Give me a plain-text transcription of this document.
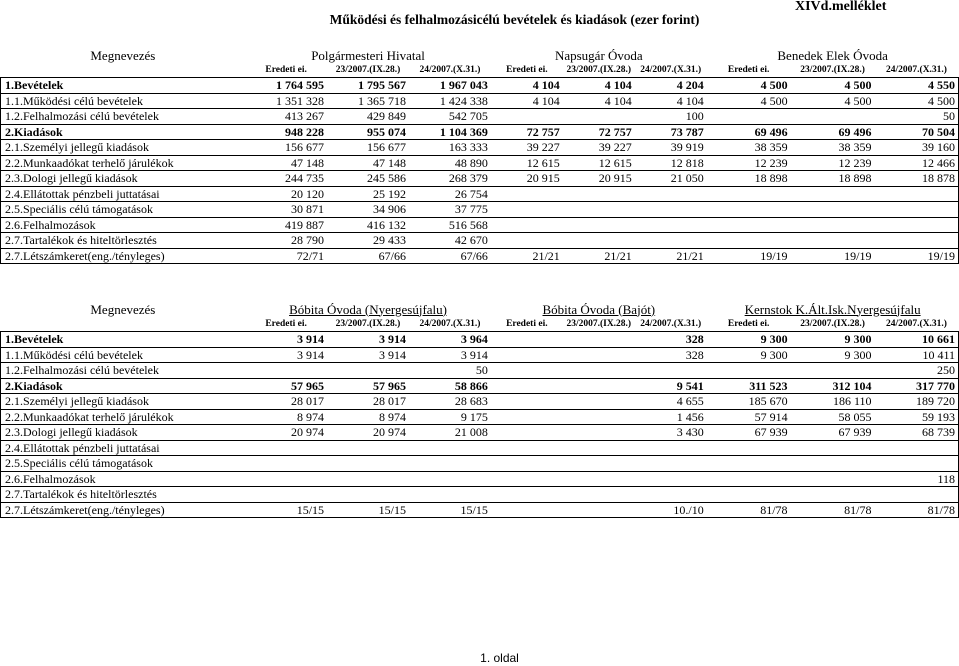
XIVd.melléklet
Működési és felhalmozásicélú bevételek és kiadások (ezer forint)
Megnevezés	Polgármesteri Hivatal			Napsugár Óvoda			Benedek Elek Óvoda		
	Eredeti ei.	23/2007.(IX.28.)	24/2007.(X.31.)	Eredeti ei.	23/2007.(IX.28.)	24/2007.(X.31.)	Eredeti ei.	23/2007.(IX.28.)	24/2007.(X.31.)
1.Bevételek	1 764 595	1 795 567	1 967 043	4 104	4 104	4 204	4 500	4 500	4 550
1.1.Működési célú bevételek	1 351 328	1 365 718	1 424 338	4 104	4 104	4 104	4 500	4 500	4 500
1.2.Felhalmozási célú bevételek	413 267	429 849	542 705			100			50
2.Kiadások	948 228	955 074	1 104 369	72 757	72 757	73 787	69 496	69 496	70 504
2.1.Személyi jellegű kiadások	156 677	156 677	163 333	39 227	39 227	39 919	38 359	38 359	39 160
2.2.Munkaadókat terhelő járulékok	47 148	47 148	48 890	12 615	12 615	12 818	12 239	12 239	12 466
2.3.Dologi jellegű kiadások	244 735	245 586	268 379	20 915	20 915	21 050	18 898	18 898	18 878
2.4.Ellátottak pénzbeli juttatásai	20 120	25 192	26 754						
2.5.Speciális célú támogatások	30 871	34 906	37 775						
2.6.Felhalmozások	419 887	416 132	516 568						
2.7.Tartalékok és hiteltörlesztés	28 790	29 433	42 670						
2.7.Létszámkeret(eng./tényleges)	72/71	67/66	67/66	21/21	21/21	21/21	19/19	19/19	19/19
Megnevezés	Bóbita Óvoda (Nyergesújfalu)			Bóbita Óvoda (Bajót)			Kernstok K.Ált.Isk.Nyergesújfalu		
	Eredeti ei.	23/2007.(IX.28.)	24/2007.(X.31.)	Eredeti ei.	23/2007.(IX.28.)	24/2007.(X.31.)	Eredeti ei.	23/2007.(IX.28.)	24/2007.(X.31.)
1.Bevételek	3 914	3 914	3 964			328	9 300	9 300	10 661
1.1.Működési célú bevételek	3 914	3 914	3 914			328	9 300	9 300	10 411
1.2.Felhalmozási célú bevételek			50						250
2.Kiadások	57 965	57 965	58 866			9 541	311 523	312 104	317 770
2.1.Személyi jellegű kiadások	28 017	28 017	28 683			4 655	185 670	186 110	189 720
2.2.Munkaadókat terhelő járulékok	8 974	8 974	9 175			1 456	57 914	58 055	59 193
2.3.Dologi jellegű kiadások	20 974	20 974	21 008			3 430	67 939	67 939	68 739
2.4.Ellátottak pénzbeli juttatásai									
2.5.Speciális célú támogatások									
2.6.Felhalmozások									118
2.7.Tartalékok és hiteltörlesztés									
2.7.Létszámkeret(eng./tényleges)	15/15	15/15	15/15			10./10	81/78	81/78	81/78
1. oldal
